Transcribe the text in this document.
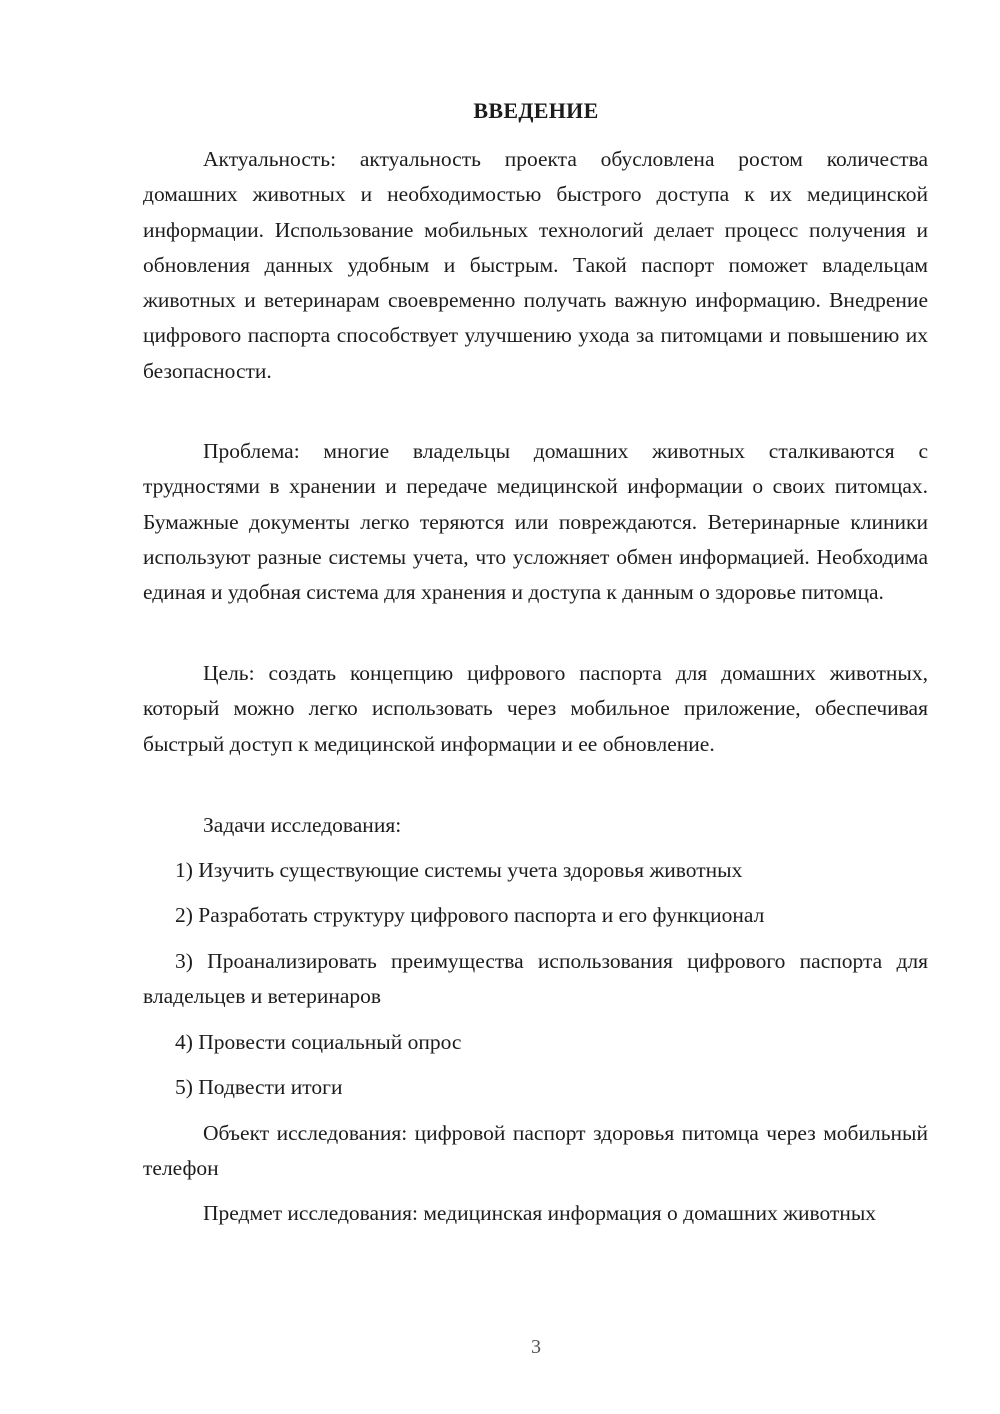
ВВЕДЕНИЕ

Актуальность: актуальность проекта обусловлена ростом количества домашних животных и необходимостью быстрого доступа к их медицинской информации. Использование мобильных технологий делает процесс получения и обновления данных удобным и быстрым. Такой паспорт поможет владельцам животных и ветеринарам своевременно получать важную информацию. Внедрение цифрового паспорта способствует улучшению ухода за питомцами и повышению их безопасности.

Проблема: многие владельцы домашних животных сталкиваются с трудностями в хранении и передаче медицинской информации о своих питомцах. Бумажные документы легко теряются или повреждаются. Ветеринарные клиники используют разные системы учета, что усложняет обмен информацией. Необходима единая и удобная система для хранения и доступа к данным о здоровье питомца.

Цель: создать концепцию цифрового паспорта для домашних животных, который можно легко использовать через мобильное приложение, обеспечивая быстрый доступ к медицинской информации и ее обновление.

Задачи исследования:

1) Изучить существующие системы учета здоровья животных

2) Разработать структуру цифрового паспорта и его функционал

3) Проанализировать преимущества использования цифрового паспорта для владельцев и ветеринаров

4) Провести социальный опрос

5) Подвести итоги

Объект исследования: цифровой паспорт здоровья питомца через мобильный телефон

Предмет исследования: медицинская информация о домашних животных

3
